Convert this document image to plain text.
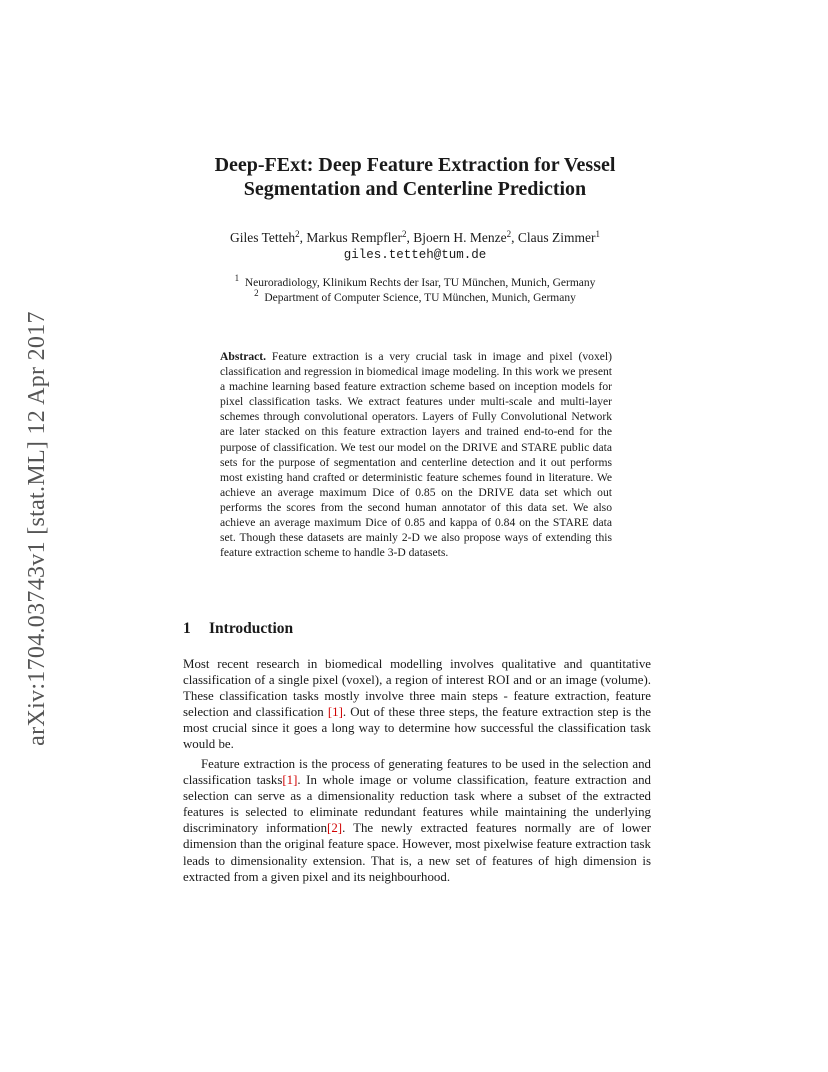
arXiv:1704.03743v1 [stat.ML] 12 Apr 2017
Deep-FExt: Deep Feature Extraction for Vessel
Segmentation and Centerline Prediction
Giles Tetteh$^2$, Markus Rempfler$^2$, Bjoern H. Menze$^2$, Claus Zimmer$^1$
giles.tetteh@tum.de
$^1$ Neuroradiology, Klinikum Rechts der Isar, TU München, Munich, Germany
$^2$ Department of Computer Science, TU München, Munich, Germany

Abstract. Feature extraction is a very crucial task in image and pixel (voxel) classification and regression in biomedical image modeling. In this work we present a machine learning based feature extraction scheme based on inception models for pixel classification tasks. We extract features under multi-scale and multi-layer schemes through convolutional operators. Layers of Fully Convolutional Network are later stacked on this feature extraction layers and trained end-to-end for the purpose of classification. We test our model on the DRIVE and STARE public data sets for the purpose of segmentation and centerline detection and it out performs most existing hand crafted or deterministic feature schemes found in literature. We achieve an average maximum Dice of 0.85 on the DRIVE data set which out performs the scores from the second human annotator of this data set. We also achieve an average maximum Dice of 0.85 and kappa of 0.84 on the STARE data set. Though these datasets are mainly 2-D we also propose ways of extending this feature extraction scheme to handle 3-D datasets.

1 Introduction

Most recent research in biomedical modelling involves qualitative and quantitative classification of a single pixel (voxel), a region of interest ROI and or an image (volume). These classification tasks mostly involve three main steps - feature extraction, feature selection and classification [1]. Out of these three steps, the feature extraction step is the most crucial since it goes a long way to determine how successful the classification task would be.

Feature extraction is the process of generating features to be used in the selection and classification tasks[1]. In whole image or volume classification, feature extraction and selection can serve as a dimensionality reduction task where a subset of the extracted features is selected to eliminate redundant features while maintaining the underlying discriminatory information[2]. The newly extracted features normally are of lower dimension than the original feature space. However, most pixelwise feature extraction task leads to dimensionality extension. That is, a new set of features of high dimension is extracted from a given pixel and its neighbourhood.
